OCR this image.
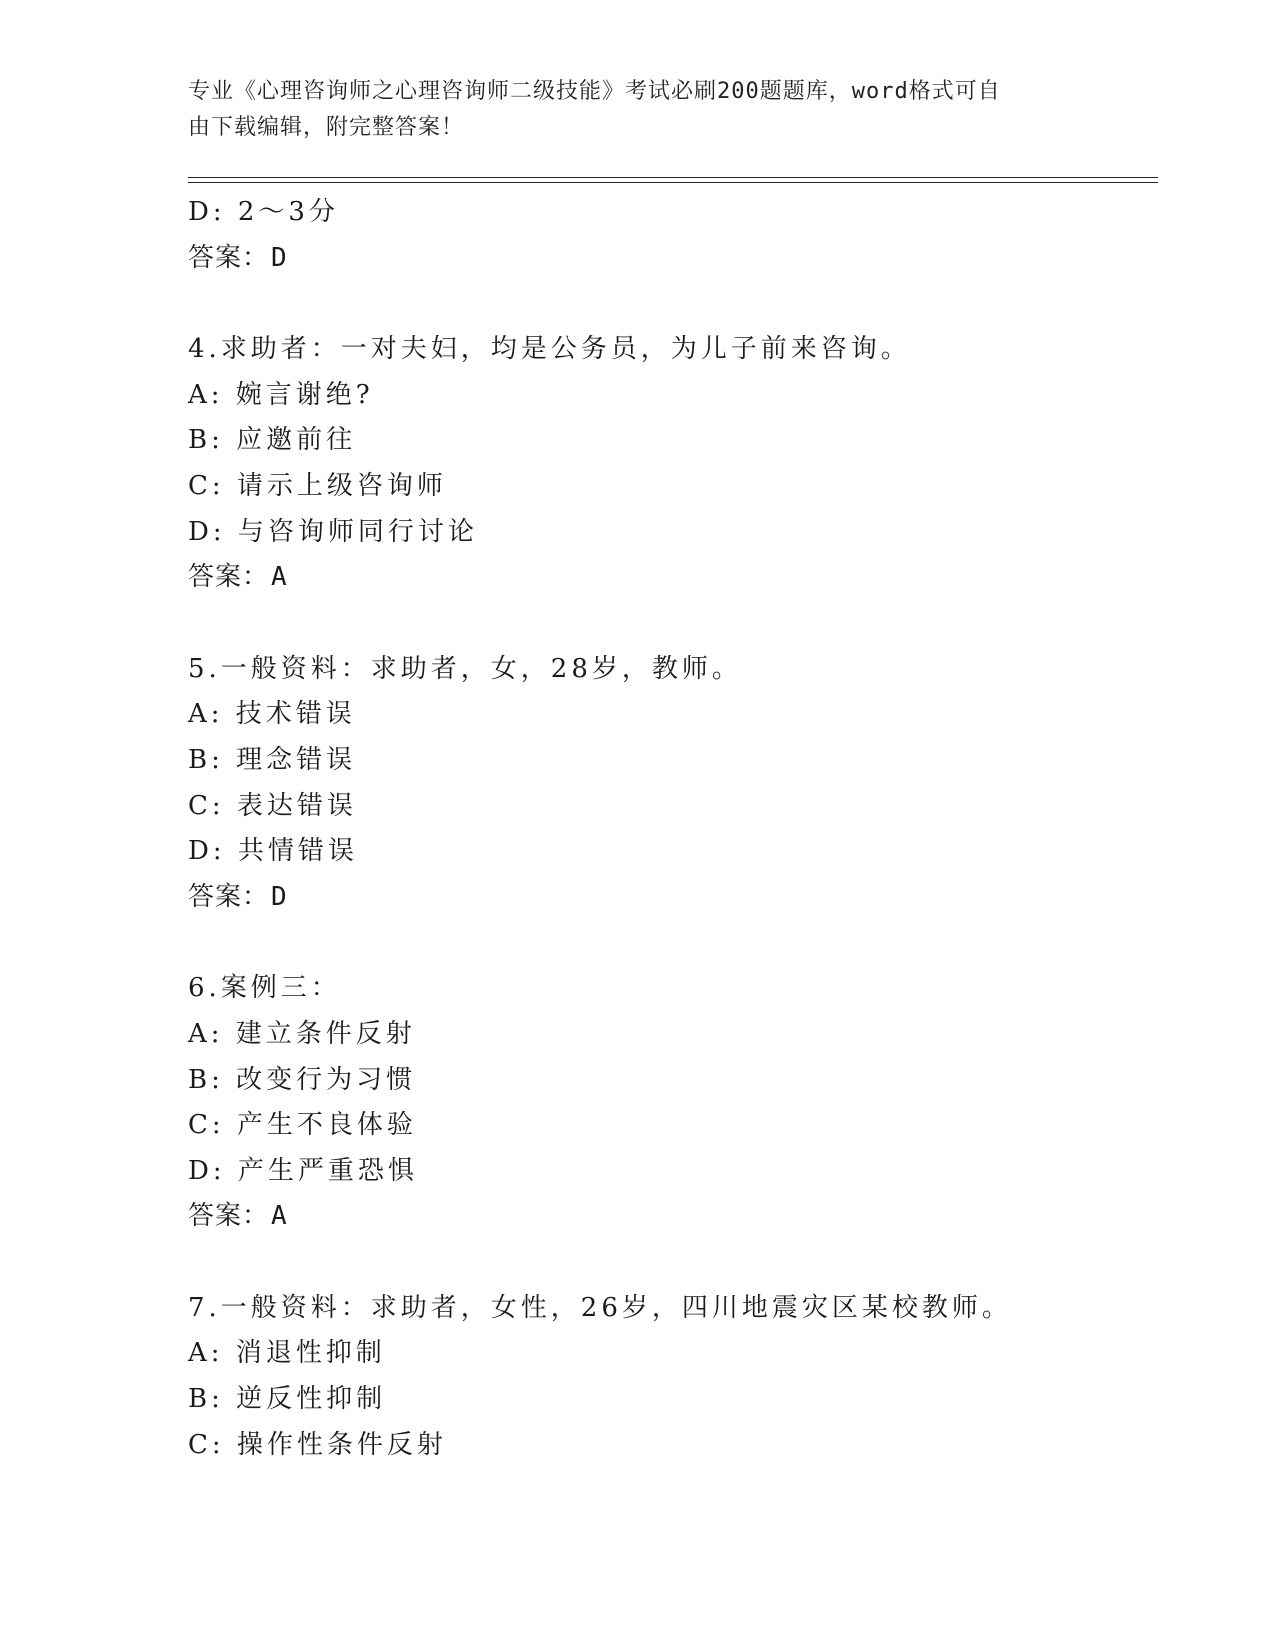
专业《心理咨询师之心理咨询师二级技能》考试必刷200题题库，word格式可自
由下载编辑，附完整答案！
D: 2～3分
答案：D
4.求助者：一对夫妇，均是公务员，为儿子前来咨询。
A: 婉言谢绝?
B: 应邀前往
C: 请示上级咨询师
D: 与咨询师同行讨论
答案：A
5.一般资料：求助者，女，28岁，教师。
A: 技术错误
B: 理念错误
C: 表达错误
D: 共情错误
答案：D
6.案例三：
A: 建立条件反射
B: 改变行为习惯
C: 产生不良体验
D: 产生严重恐惧
答案：A
7.一般资料：求助者，女性，26岁，四川地震灾区某校教师。
A: 消退性抑制
B: 逆反性抑制
C: 操作性条件反射
